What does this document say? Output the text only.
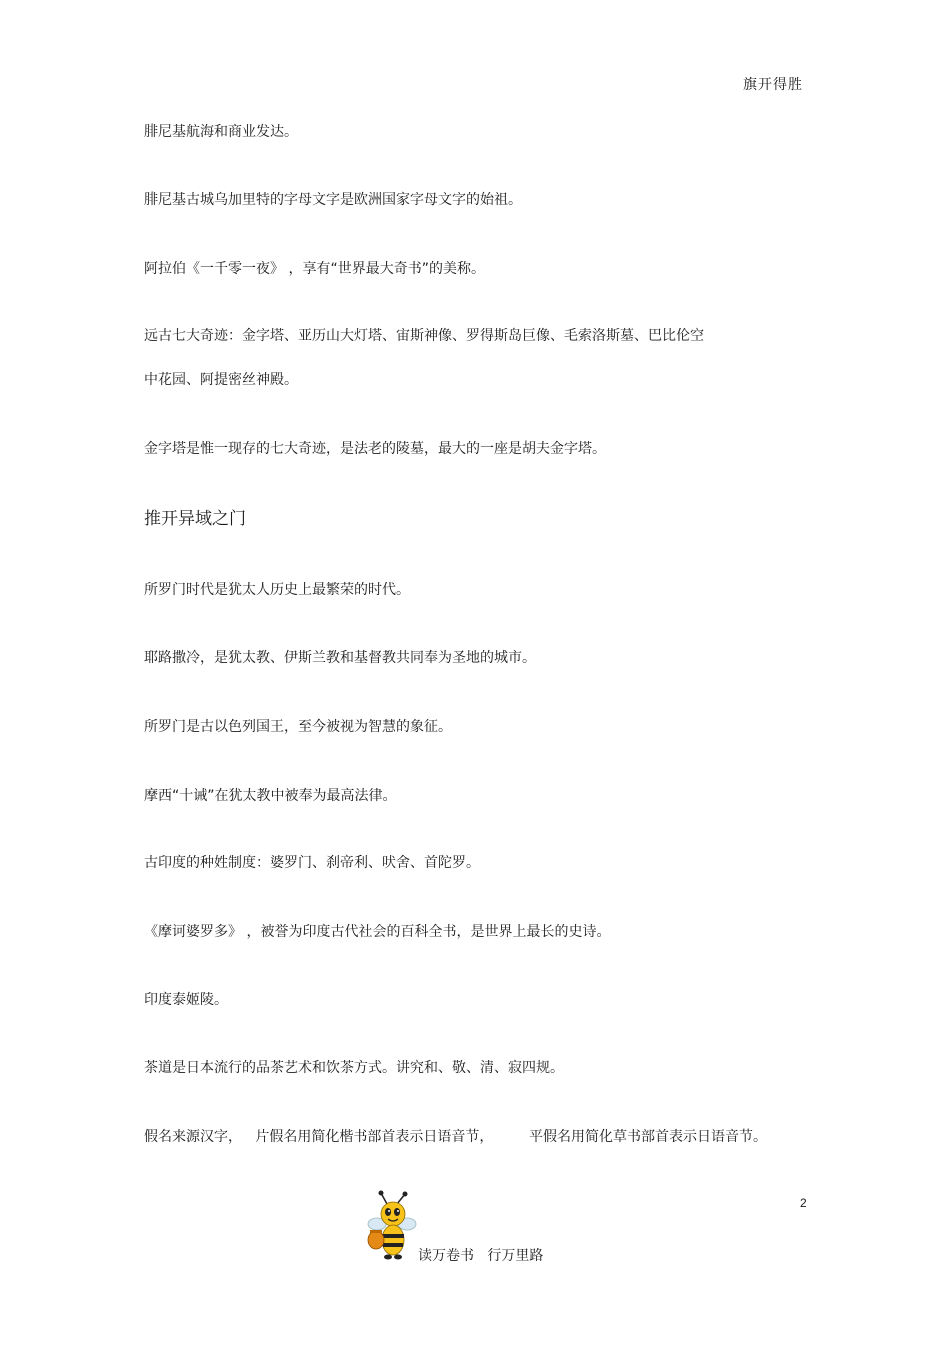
旗开得胜
腓尼基航海和商业发达。
腓尼基古城乌加里特的字母文字是欧洲国家字母文字的始祖。
阿拉伯《一千零一夜》 ，享有“世界最大奇书”的美称。
远古七大奇迹：金字塔、亚历山大灯塔、宙斯神像、罗得斯岛巨像、毛索洛斯墓、巴比伦空
中花园、阿提密丝神殿。
金字塔是惟一现存的七大奇迹，是法老的陵墓，最大的一座是胡夫金字塔。
推开异域之门
所罗门时代是犹太人历史上最繁荣的时代。
耶路撒冷，是犹太教、伊斯兰教和基督教共同奉为圣地的城市。
所罗门是古以色列国王，至今被视为智慧的象征。
摩西“十诫”在犹太教中被奉为最高法律。
古印度的种姓制度：婆罗门、刹帝利、吠舍、首陀罗。
《摩诃婆罗多》 ，被誉为印度古代社会的百科全书，是世界上最长的史诗。
印度泰姬陵。
茶道是日本流行的品茶艺术和饮茶方式。讲究和、敬、清、寂四规。
假名来源汉字，   片假名用简化楷书部首表示日语音节，        平假名用简化草书部首表示日语音节。
2
读万卷书   行万里路
